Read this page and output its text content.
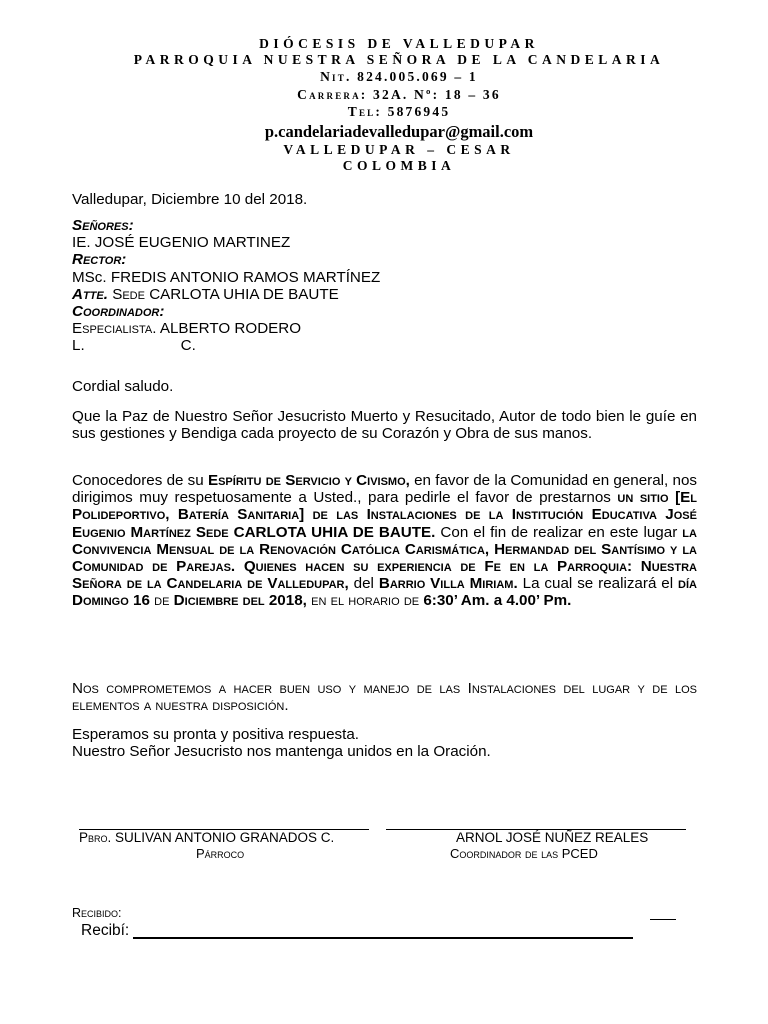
DIÓCESIS DE VALLEDUPAR
PARROQUIA NUESTRA SEÑORA DE LA CANDELARIA
Nit. 824.005.069 – 1
Carrera: 32A. Nº: 18 – 36
Tel: 5876945
p.candelariadevalledupar@gmail.com
VALLEDUPAR – CESAR
COLOMBIA
Valledupar, Diciembre 10 del 2018.
Señores:
IE. JOSÉ EUGENIO MARTINEZ
Rector:
MSc. FREDIS ANTONIO RAMOS MARTÍNEZ
Atte. Sede CARLOTA UHIA DE BAUTE
Coordinador:
Especialista. ALBERTO RODERO
L.	C.
Cordial saludo.

Que la Paz de Nuestro Señor Jesucristo Muerto y Resucitado, Autor de todo bien le guíe en sus gestiones y Bendiga cada proyecto de su Corazón y Obra de sus manos.

Conocedores de su Espíritu de Servicio y Civismo, en favor de la Comunidad en general, nos dirigimos muy respetuosamente a Usted., para pedirle el favor de prestarnos un sitio [El Polideportivo, Batería Sanitaria] de las Instalaciones de la Institución Educativa José Eugenio Martínez Sede CARLOTA UHIA DE BAUTE. Con el fin de realizar en este lugar la Convivencia Mensual de la Renovación Católica Carismática, Hermandad del Santísimo y la Comunidad de Parejas. Quienes hacen su experiencia de Fe en la Parroquia: Nuestra Señora de la Candelaria de Valledupar, del Barrio Villa Miriam. La cual se realizará el día Domingo 16 de Diciembre del 2018, en el horario de 6:30’ Am. a 4.00’ Pm.

Nos comprometemos a hacer buen uso y manejo de las Instalaciones del lugar y de los elementos a nuestra disposición.

Esperamos su pronta y positiva respuesta.
Nuestro Señor Jesucristo nos mantenga unidos en la Oración.
Pbro. SULIVAN ANTONIO GRANADOS C.
Párroco
ARNOL JOSÉ NUÑEZ REALES
Coordinador de las PCED
Recibido:
Recibí:
